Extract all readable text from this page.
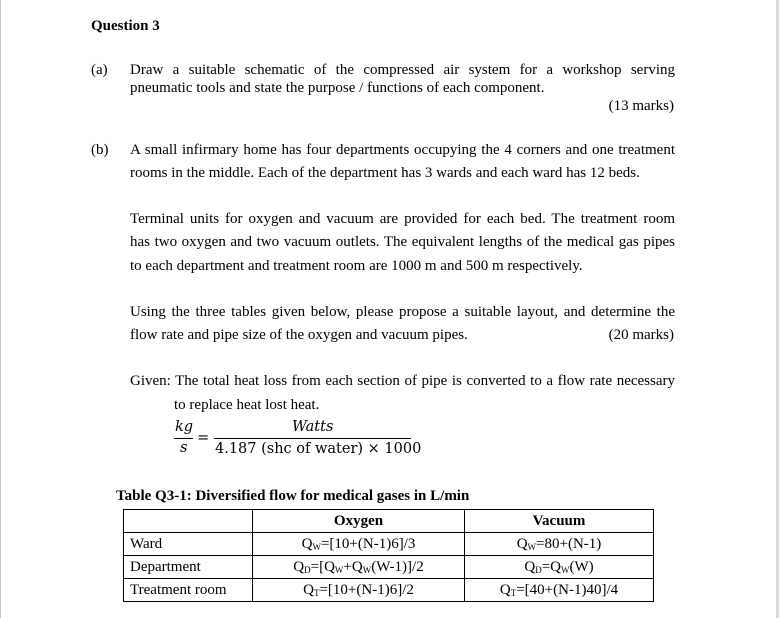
Question 3
(a) Draw a suitable schematic of the compressed air system for a workshop serving
pneumatic tools and state the purpose / functions of each component.
(13 marks)
(b) A small infirmary home has four departments occupying the 4 corners and one treatment
rooms in the middle. Each of the department has 3 wards and each ward has 12 beds.
Terminal units for oxygen and vacuum are provided for each bed. The treatment room
has two oxygen and two vacuum outlets. The equivalent lengths of the medical gas pipes
to each department and treatment room are 1000 m and 500 m respectively.
Using the three tables given below, please propose a suitable layout, and determine the
flow rate and pipe size of the oxygen and vacuum pipes.	(20 marks)
Given: The total heat loss from each section of pipe is converted to a flow rate necessary
to replace heat lost heat.
kg
s
=
Watts
4.187 (shc of water) × 1000
Table Q3-1: Diversified flow for medical gases in L/min
	Oxygen	Vacuum
Ward	$Q_W=[10+(N-1)6]/3$	$Q_W=80+(N-1)$
Department	$Q_D=[Q_W+Q_W(W-1)]/2$	$Q_D=Q_W(W)$
Treatment room	$Q_T=[10+(N-1)6]/2$	$Q_T=[40+(N-1)40]/4$
